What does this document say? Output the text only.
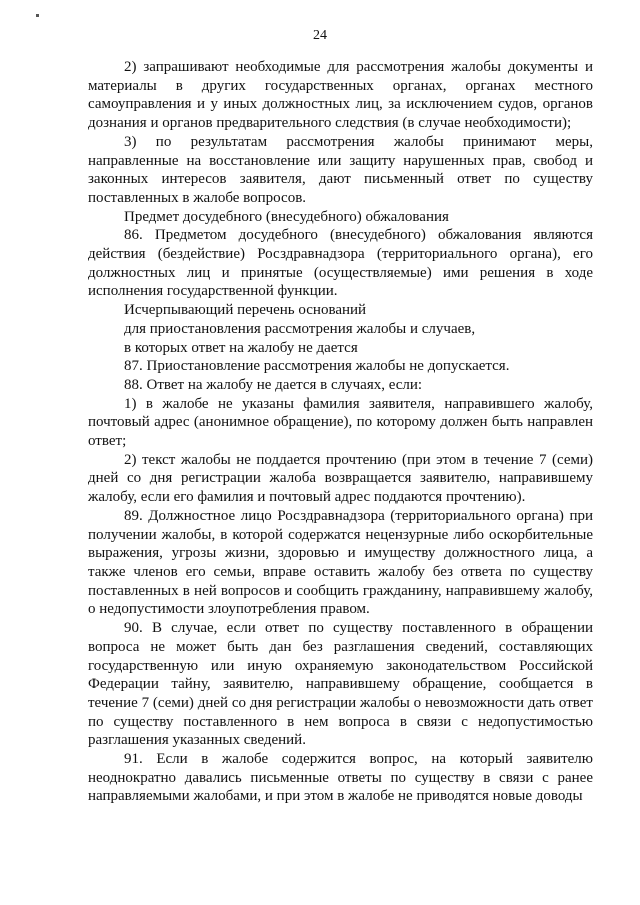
24

2) запрашивают необходимые для рассмотрения жалобы документы и материалы в других государственных органах, органах местного самоуправления и у иных должностных лиц, за исключением судов, органов дознания и органов предварительного следствия (в случае необходимости);

3) по результатам рассмотрения жалобы принимают меры, направленные на восстановление или защиту нарушенных прав, свобод и законных интересов заявителя, дают письменный ответ по существу поставленных в жалобе вопросов.

Предмет досудебного (внесудебного) обжалования

86. Предметом досудебного (внесудебного) обжалования являются действия (бездействие) Росздравнадзора (территориального органа), его должностных лиц и принятые (осуществляемые) ими решения в ходе исполнения государственной функции.

Исчерпывающий перечень оснований
для приостановления рассмотрения жалобы и случаев,
в которых ответ на жалобу не дается

87. Приостановление рассмотрения жалобы не допускается.

88. Ответ на жалобу не дается в случаях, если:

1) в жалобе не указаны фамилия заявителя, направившего жалобу, почтовый адрес (анонимное обращение), по которому должен быть направлен ответ;

2) текст жалобы не поддается прочтению (при этом в течение 7 (семи) дней со дня регистрации жалоба возвращается заявителю, направившему жалобу, если его фамилия и почтовый адрес поддаются прочтению).

89. Должностное лицо Росздравнадзора (территориального органа) при получении жалобы, в которой содержатся нецензурные либо оскорбительные выражения, угрозы жизни, здоровью и имуществу должностного лица, а также членов его семьи, вправе оставить жалобу без ответа по существу поставленных в ней вопросов и сообщить гражданину, направившему жалобу, о недопустимости злоупотребления правом.

90. В случае, если ответ по существу поставленного в обращении вопроса не может быть дан без разглашения сведений, составляющих государственную или иную охраняемую законодательством Российской Федерации тайну, заявителю, направившему обращение, сообщается в течение 7 (семи) дней со дня регистрации жалобы о невозможности дать ответ по существу поставленного в нем вопроса в связи с недопустимостью разглашения указанных сведений.

91. Если в жалобе содержится вопрос, на который заявителю неоднократно давались письменные ответы по существу в связи с ранее направляемыми жалобами, и при этом в жалобе не приводятся новые доводы
